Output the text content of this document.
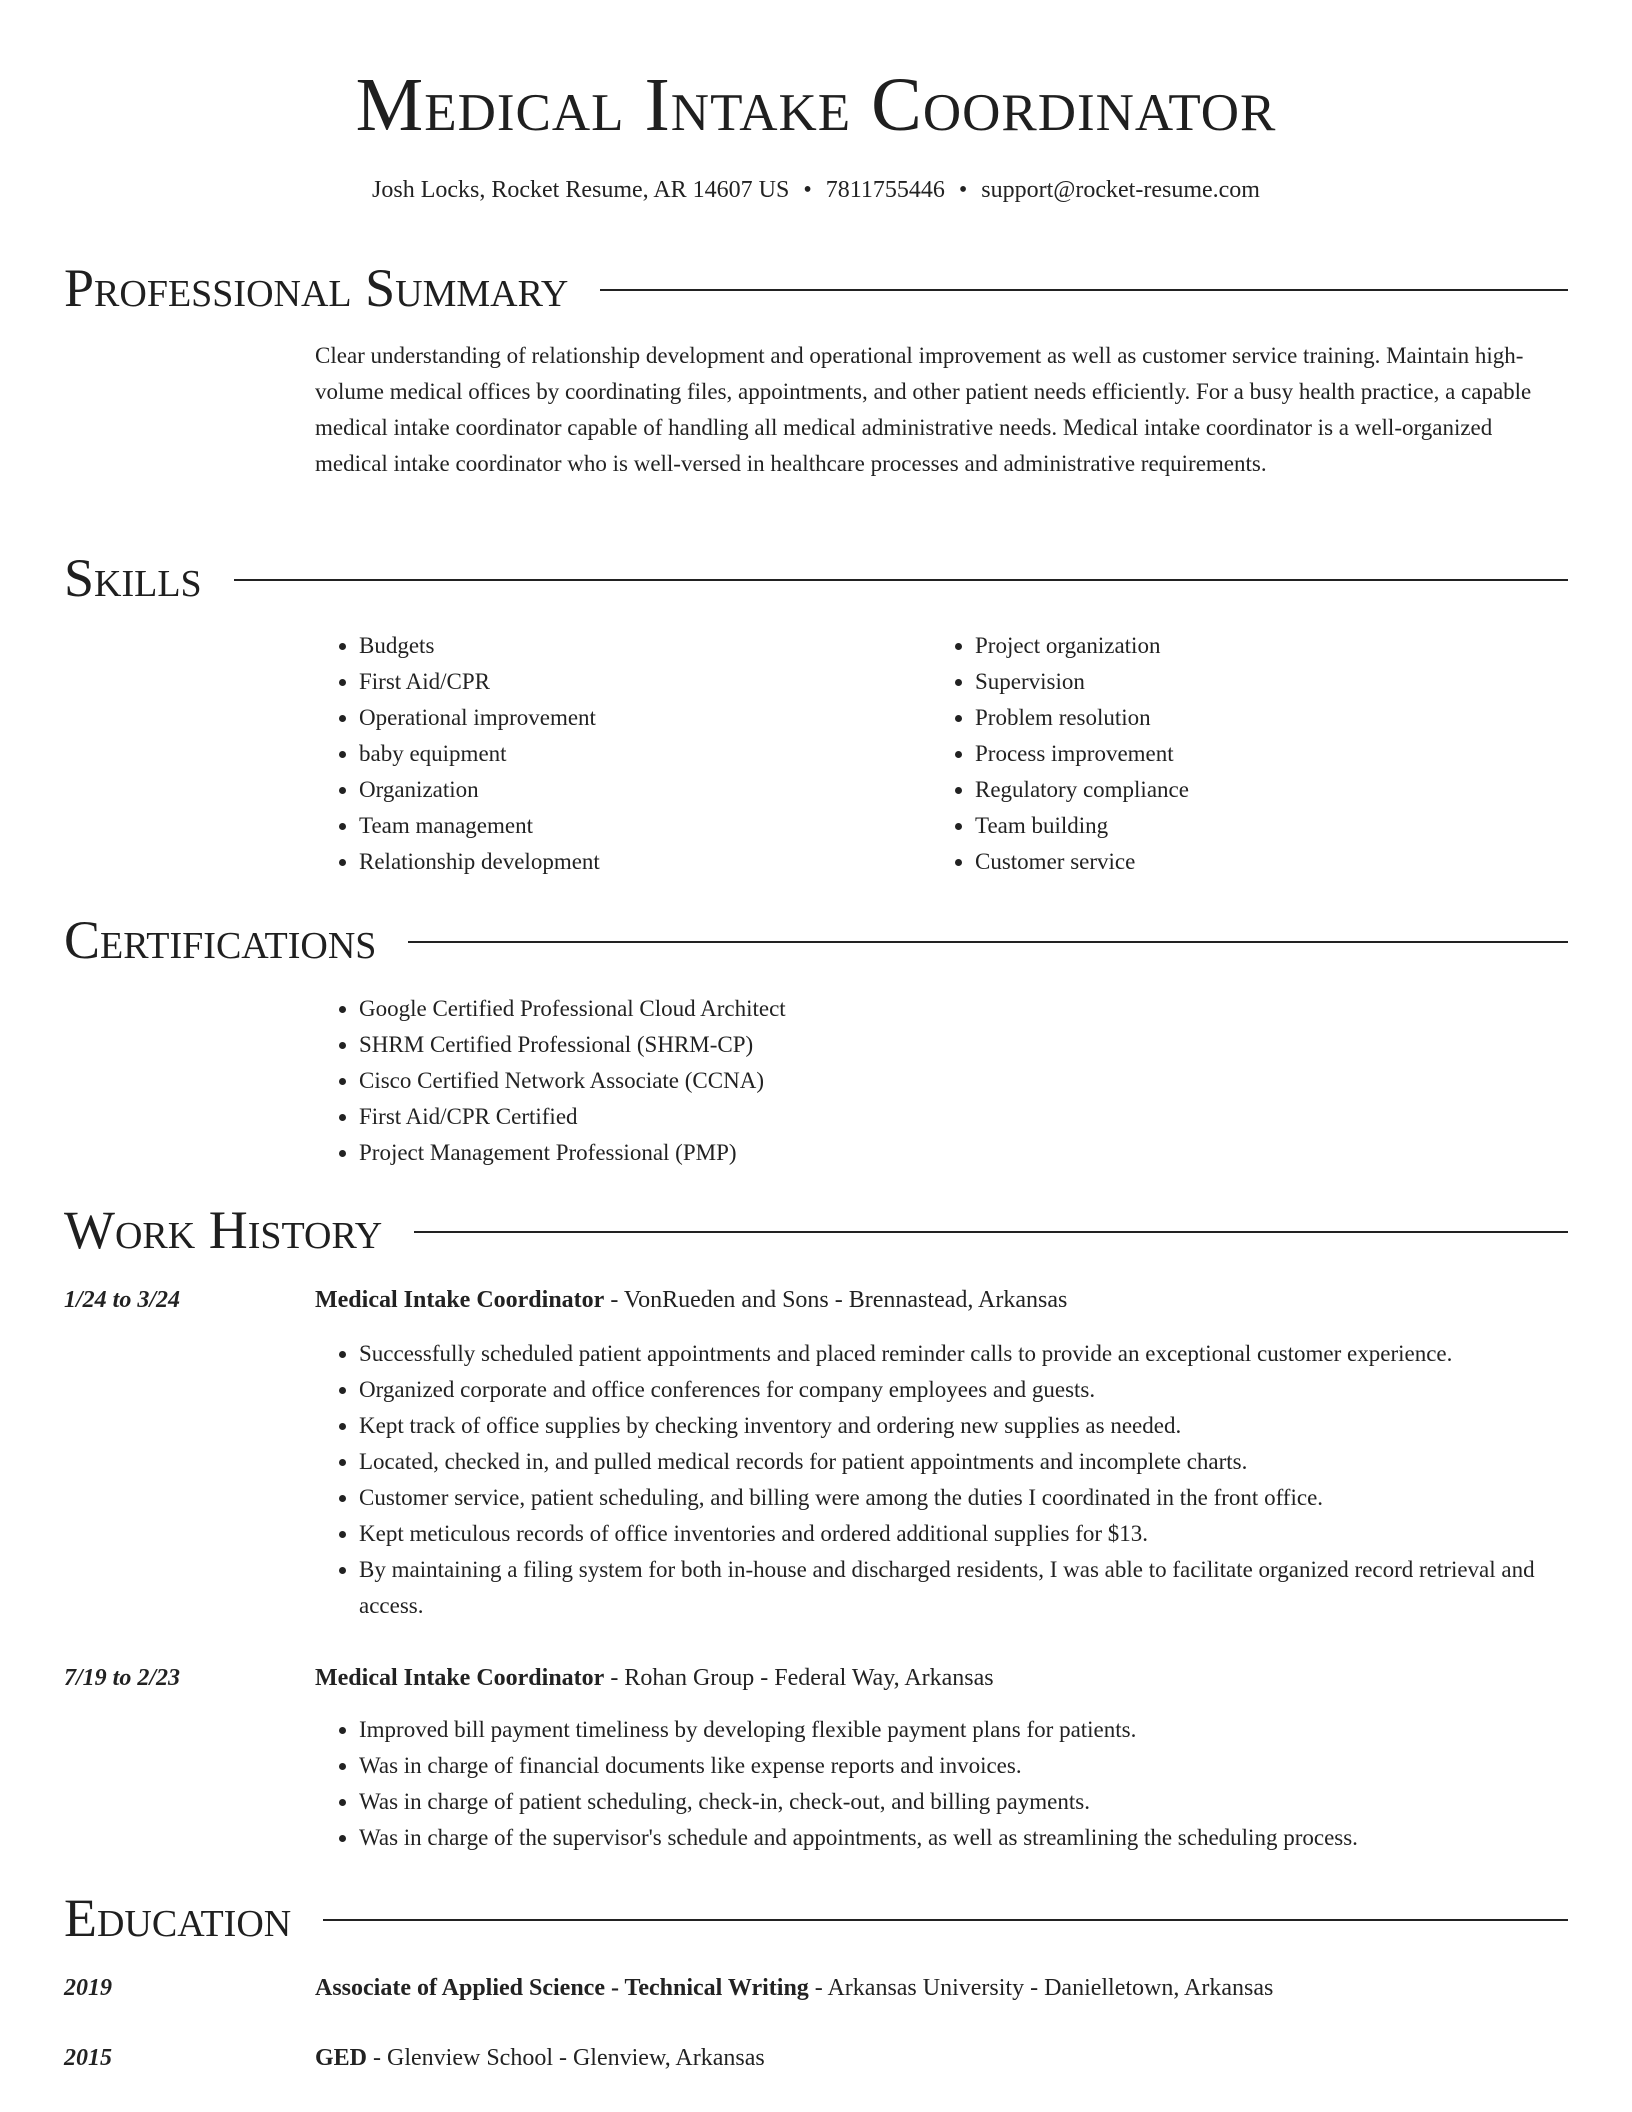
Medical Intake Coordinator
Josh Locks, Rocket Resume, AR 14607 US • 7811755446 • support@rocket-resume.com
Professional Summary

Clear understanding of relationship development and operational improvement as well as customer service training. Maintain high-volume medical offices by coordinating files, appointments, and other patient needs efficiently. For a busy health practice, a capable medical intake coordinator capable of handling all medical administrative needs. Medical intake coordinator is a well-organized medical intake coordinator who is well-versed in healthcare processes and administrative requirements.

Skills
• Budgets
• First Aid/CPR
• Operational improvement
• baby equipment
• Organization
• Team management
• Relationship development
• Project organization
• Supervision
• Problem resolution
• Process improvement
• Regulatory compliance
• Team building
• Customer service
Certifications
• Google Certified Professional Cloud Architect
• SHRM Certified Professional (SHRM-CP)
• Cisco Certified Network Associate (CCNA)
• First Aid/CPR Certified
• Project Management Professional (PMP)
Work History
1/24 to 3/24	Medical Intake Coordinator - VonRueden and Sons - Brennastead, Arkansas
• Successfully scheduled patient appointments and placed reminder calls to provide an exceptional customer experience.
• Organized corporate and office conferences for company employees and guests.
• Kept track of office supplies by checking inventory and ordering new supplies as needed.
• Located, checked in, and pulled medical records for patient appointments and incomplete charts.
• Customer service, patient scheduling, and billing were among the duties I coordinated in the front office.
• Kept meticulous records of office inventories and ordered additional supplies for $13.
• By maintaining a filing system for both in-house and discharged residents, I was able to facilitate organized record retrieval and access.
7/19 to 2/23	Medical Intake Coordinator - Rohan Group - Federal Way, Arkansas
• Improved bill payment timeliness by developing flexible payment plans for patients.
• Was in charge of financial documents like expense reports and invoices.
• Was in charge of patient scheduling, check-in, check-out, and billing payments.
• Was in charge of the supervisor's schedule and appointments, as well as streamlining the scheduling process.
Education
2019	Associate of Applied Science - Technical Writing - Arkansas University - Danielletown, Arkansas
2015	GED - Glenview School - Glenview, Arkansas
